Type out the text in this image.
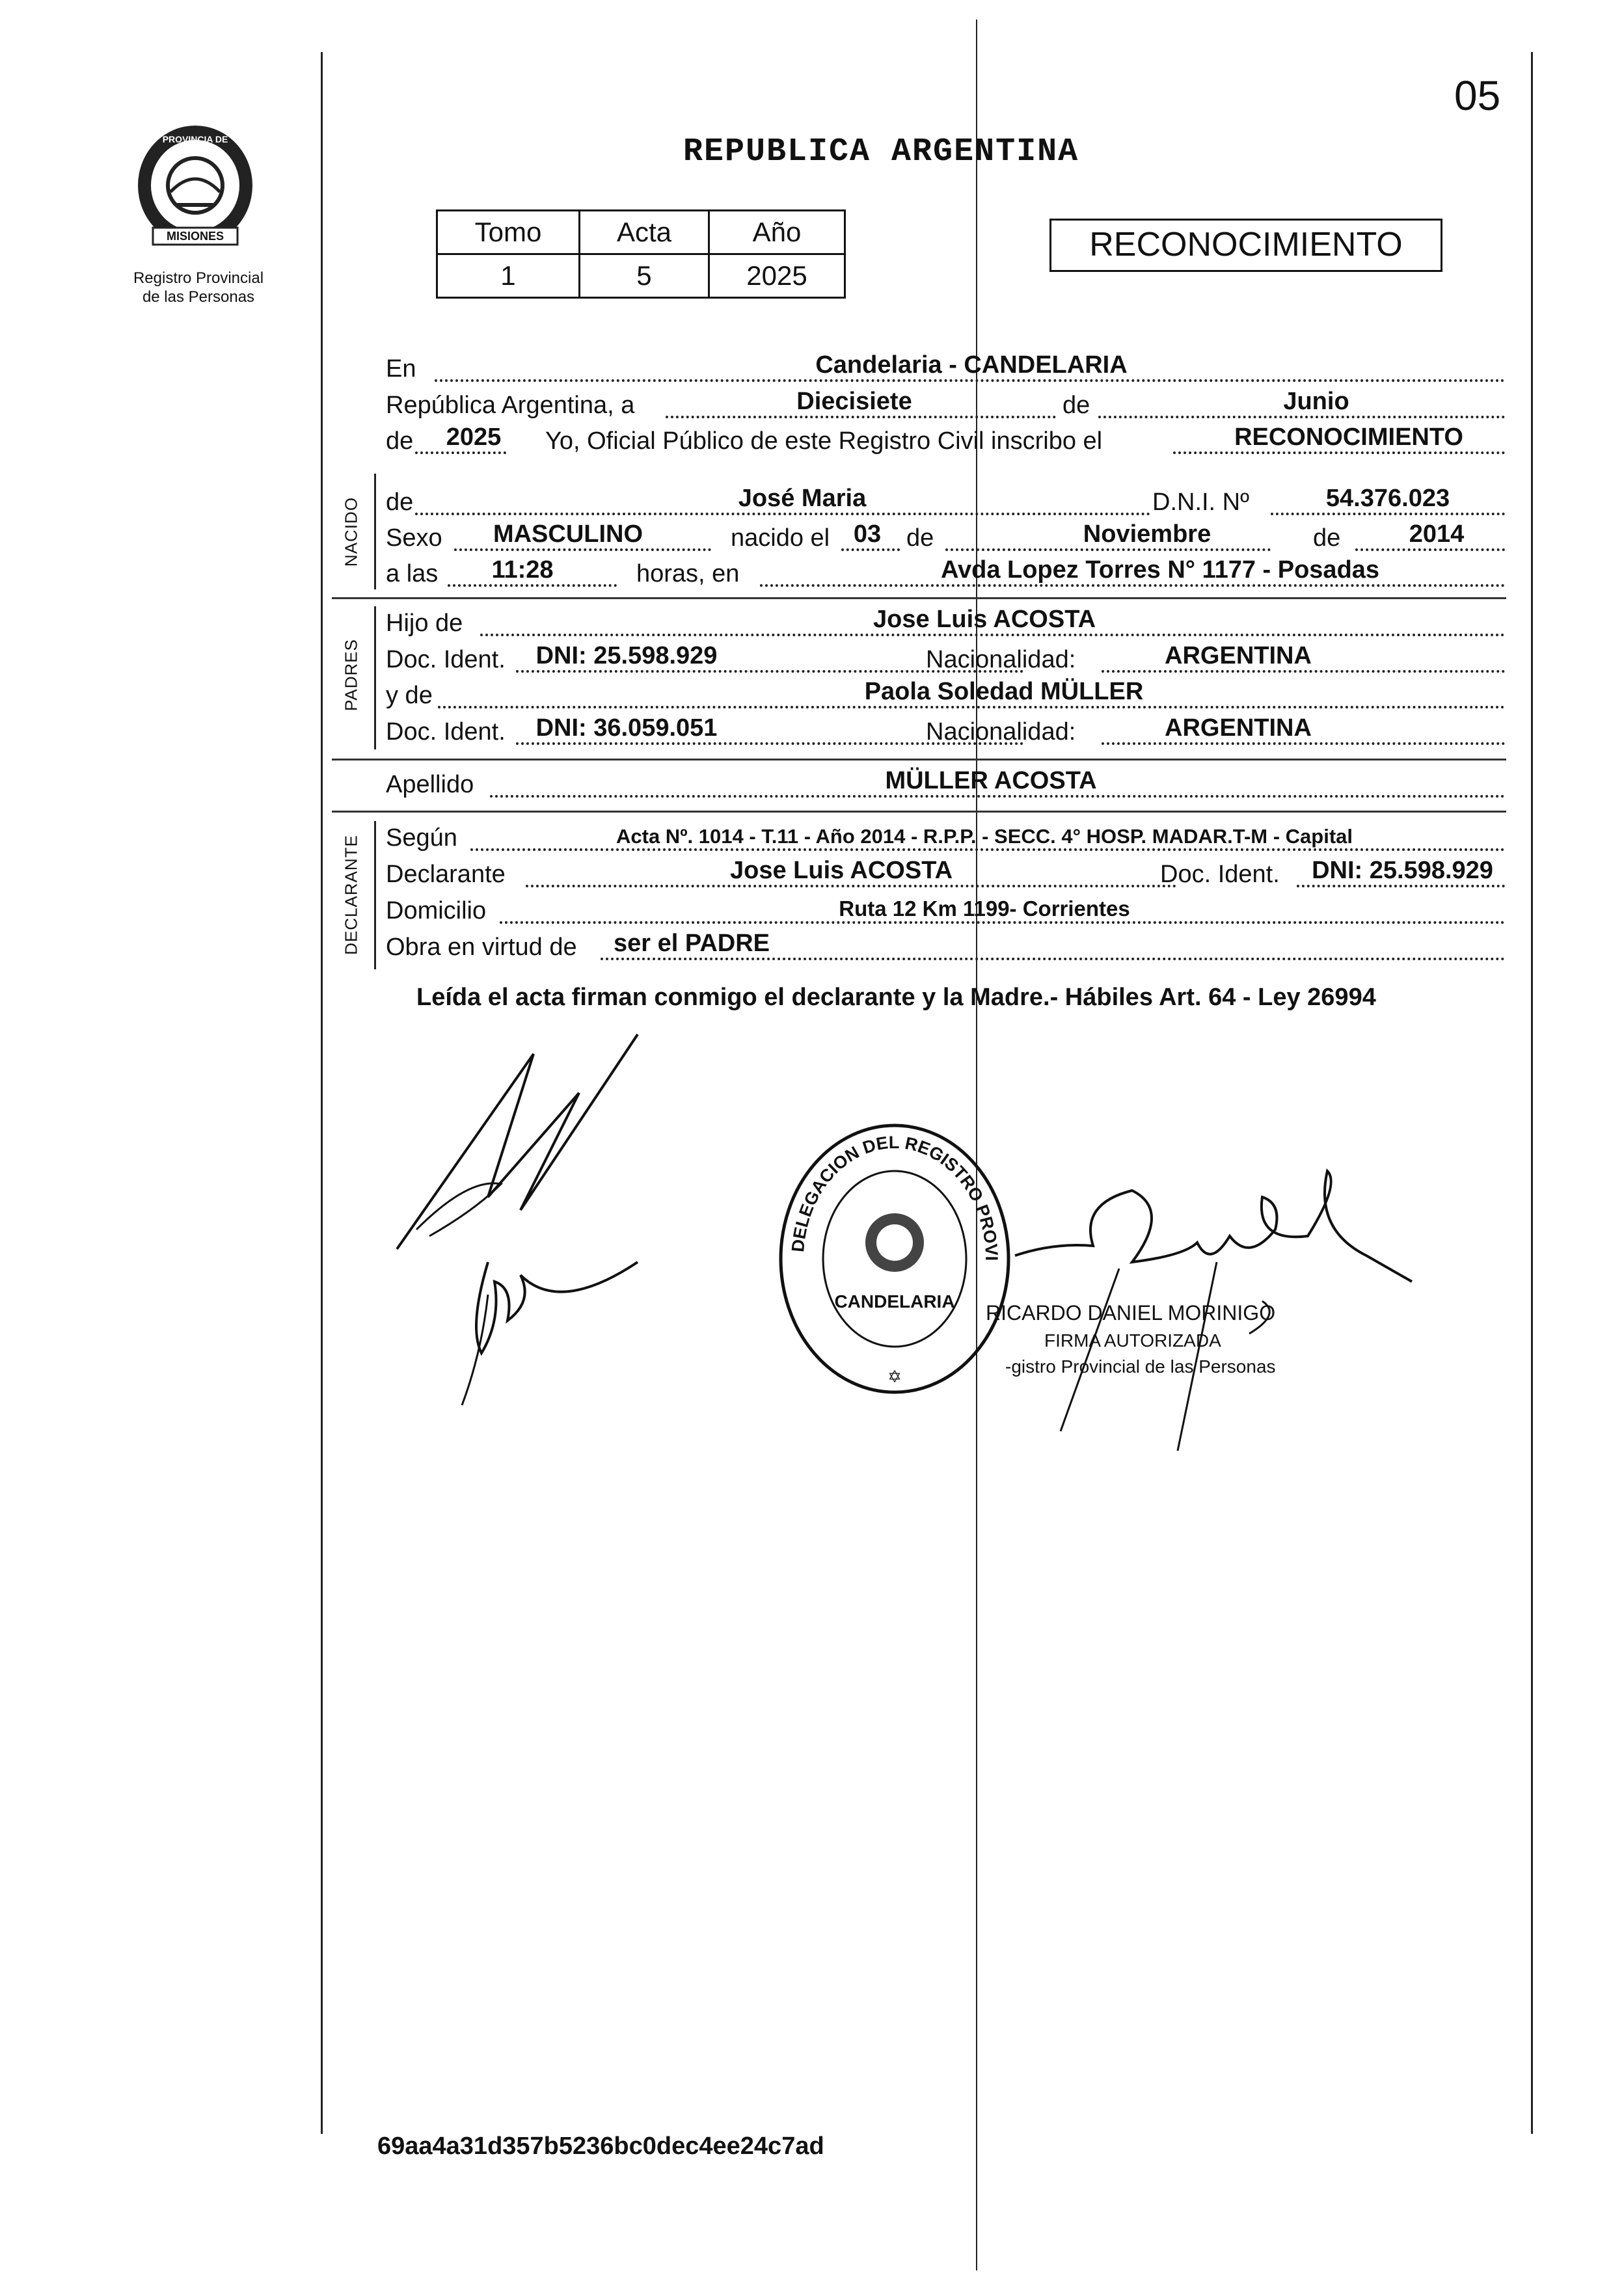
MISIONES
PROVINCIA DE
Registro Provincial
de las Personas
REPUBLICA ARGENTINA
05
Tomo	Acta	Año
1	5	2025
RECONOCIMIENTO
En	Candelaria - CANDELARIA
República Argentina, a	Diecisiete	de	Junio
de	2025	Yo, Oficial Público de este Registro Civil inscribo el	RECONOCIMIENTO
NACIDO de	José Maria	D.N.I. Nº	54.376.023
Sexo	MASCULINO	nacido el 03	de	Noviembre	de	2014
a las	11:28	horas, en	Avda Lopez Torres N° 1177 - Posadas
PADRES
Hijo de	Jose Luis ACOSTA
Doc. Ident.	DNI: 25.598.929	Nacionalidad:	ARGENTINA
y de	Paola Soledad MÜLLER
Doc. Ident.	DNI: 36.059.051	Nacionalidad:	ARGENTINA
Apellido	MÜLLER ACOSTA
DECLARANTE Según	Acta Nº. 1014 - T.11 - Año 2014 - R.P.P. - SECC. 4° HOSP. MADAR.T-M - Capital
Declarante	Jose Luis ACOSTA	Doc. Ident.	DNI: 25.598.929
Domicilio	Ruta 12 Km 1199- Corrientes
Obra en virtud de	ser el PADRE
Leída el acta firman conmigo el declarante y la Madre.- Hábiles Art. 64 - Ley 26994
DELEGACION DEL REGISTRO PROVI
CANDELARIA
✡
RICARDO DANIEL MORINIGO
FIRMA AUTORIZADA
-gistro Provincial de las Personas
69aa4a31d357b5236bc0dec4ee24c7ad
